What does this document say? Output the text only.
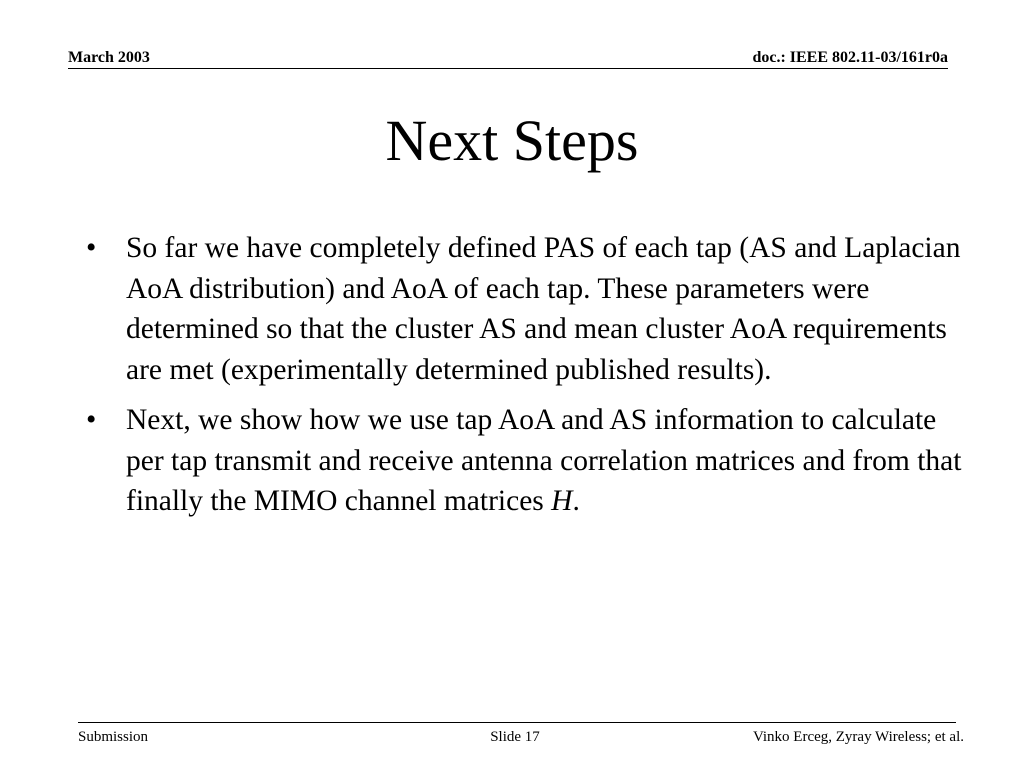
March 2003	doc.: IEEE 802.11-03/161r0a
Next Steps
• So far we have completely defined PAS of each tap (AS and Laplacian AoA distribution) and AoA of each tap. These parameters were determined so that the cluster AS and mean cluster AoA requirements are met (experimentally determined published results).
• Next, we show how we use tap AoA and AS information to calculate per tap transmit and receive antenna correlation matrices and from that finally the MIMO channel matrices H.
Submission	Slide 17	Vinko Erceg, Zyray Wireless; et al.
